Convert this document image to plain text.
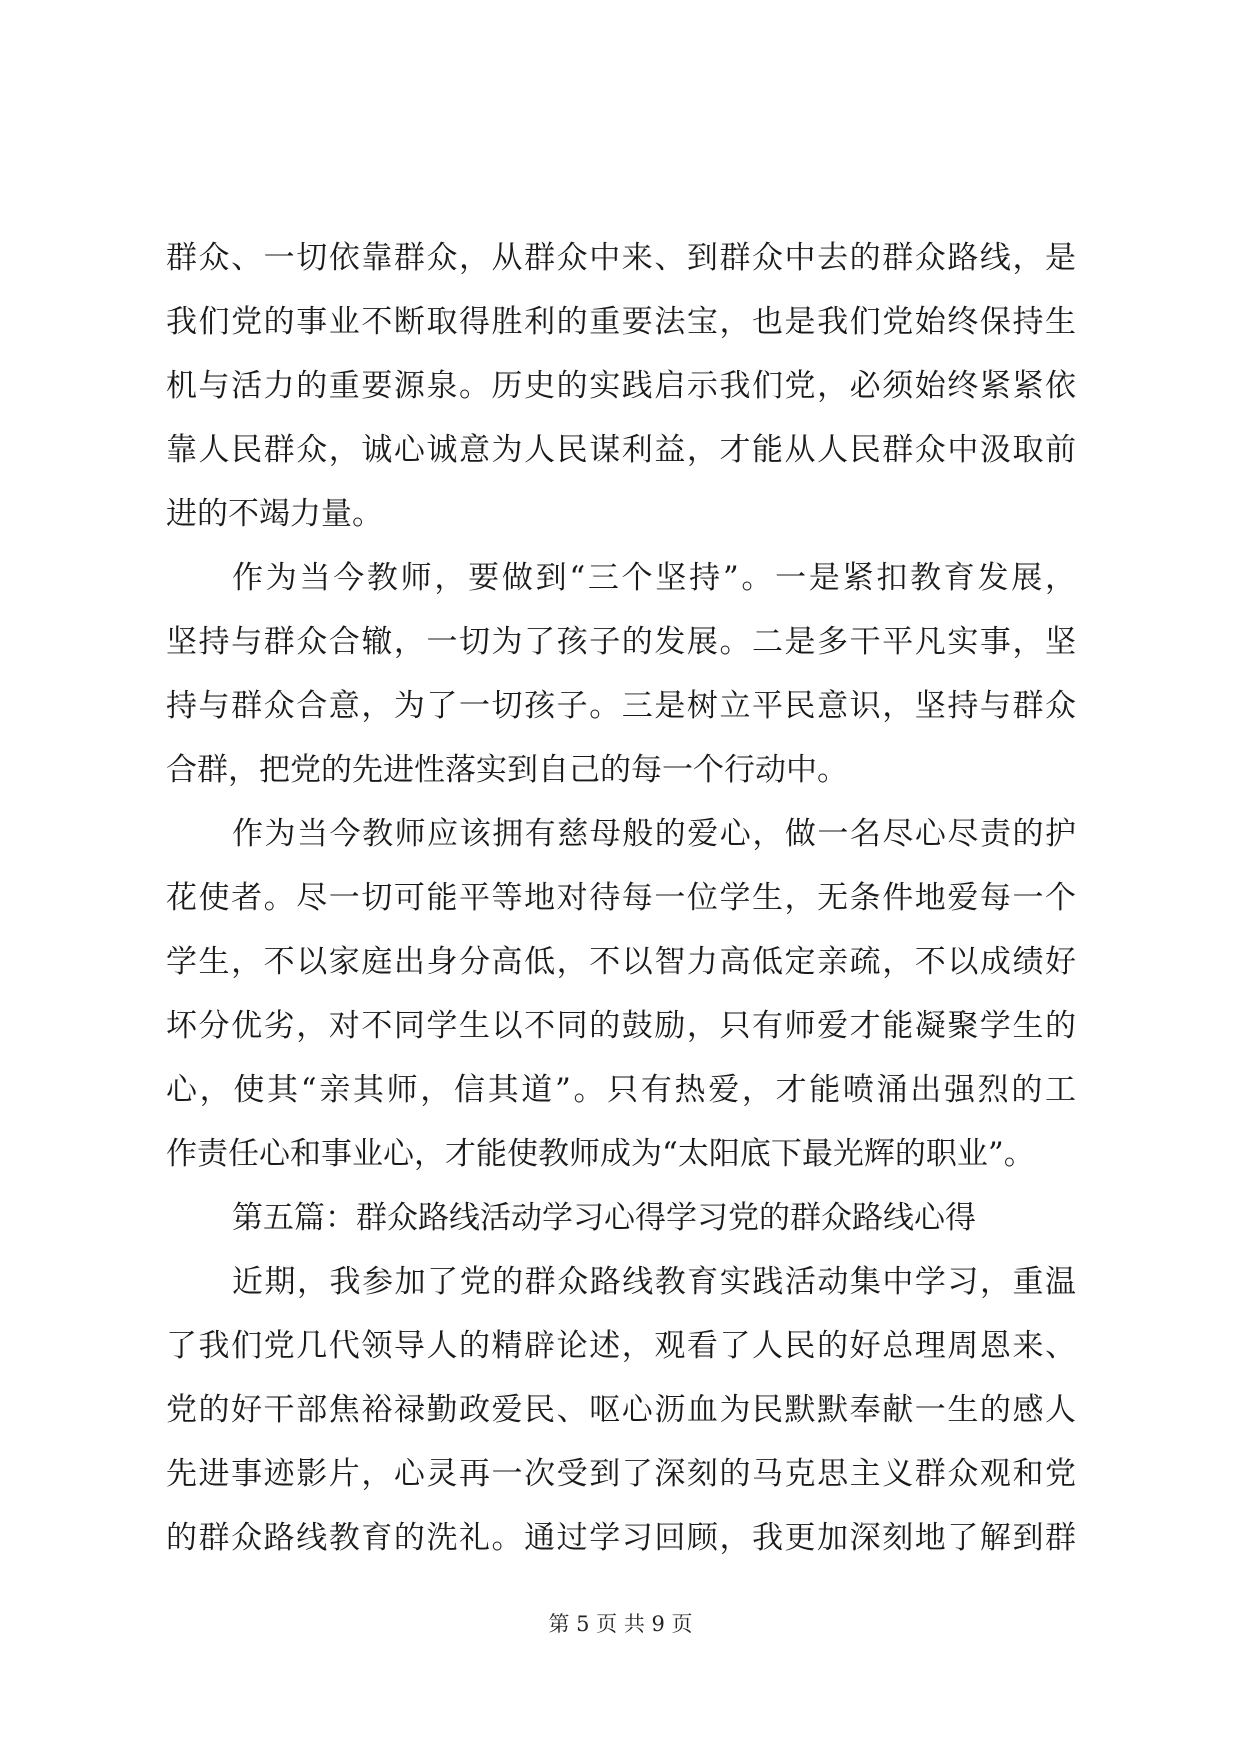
群众、一切依靠群众，从群众中来、到群众中去的群众路线，是
我们党的事业不断取得胜利的重要法宝，也是我们党始终保持生
机与活力的重要源泉。历史的实践启示我们党，必须始终紧紧依
靠人民群众，诚心诚意为人民谋利益，才能从人民群众中汲取前
进的不竭力量。
作为当今教师，要做到“三个坚持”。一是紧扣教育发展，
坚持与群众合辙，一切为了孩子的发展。二是多干平凡实事，坚
持与群众合意，为了一切孩子。三是树立平民意识，坚持与群众
合群，把党的先进性落实到自己的每一个行动中。
作为当今教师应该拥有慈母般的爱心，做一名尽心尽责的护
花使者。尽一切可能平等地对待每一位学生，无条件地爱每一个
学生，不以家庭出身分高低，不以智力高低定亲疏，不以成绩好
坏分优劣，对不同学生以不同的鼓励，只有师爱才能凝聚学生的
心，使其“亲其师，信其道”。只有热爱，才能喷涌出强烈的工
作责任心和事业心，才能使教师成为“太阳底下最光辉的职业”。
第五篇：群众路线活动学习心得学习党的群众路线心得
近期，我参加了党的群众路线教育实践活动集中学习，重温
了我们党几代领导人的精辟论述，观看了人民的好总理周恩来、
党的好干部焦裕禄勤政爱民、呕心沥血为民默默奉献一生的感人
先进事迹影片，心灵再一次受到了深刻的马克思主义群众观和党
的群众路线教育的洗礼。通过学习回顾，我更加深刻地了解到群
第 5 页 共 9 页
